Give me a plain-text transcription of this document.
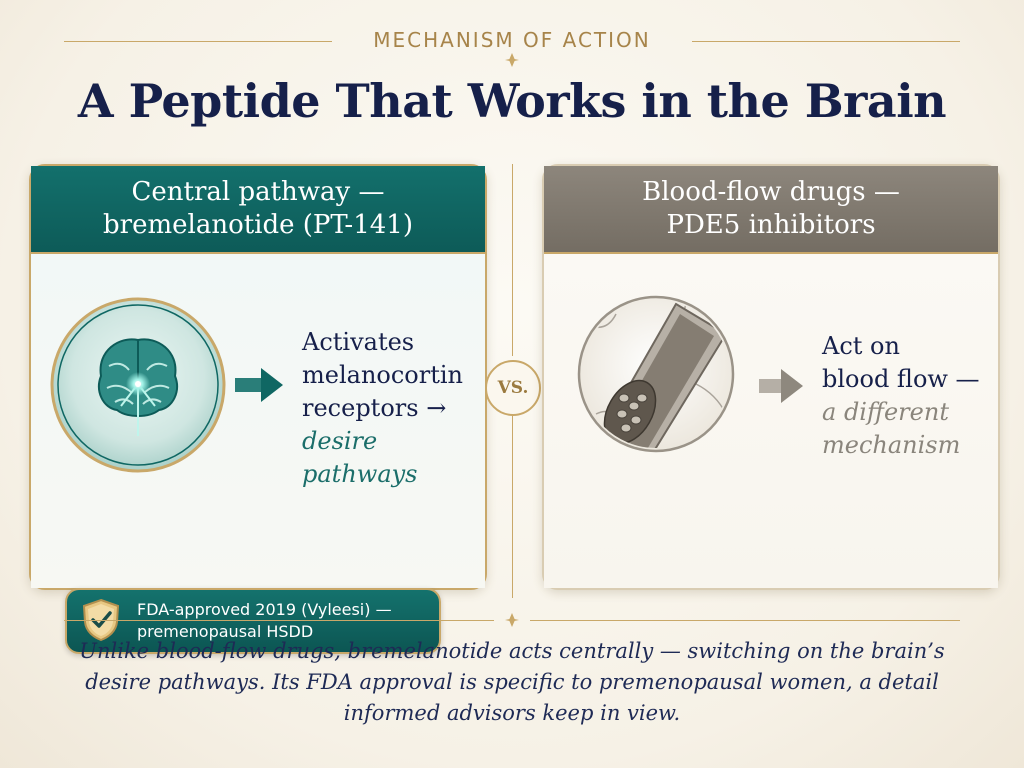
MECHANISM OF ACTION
A Peptide That Works in the Brain
Central pathway —
bremelanotide (PT-141)
Activates
melanocortin
receptors →
desire pathways
FDA-approved 2019 (Vyleesi) —
premenopausal HSDD
VS.
Blood-flow drugs —
PDE5 inhibitors
Act on
blood flow —
a different
mechanism
Unlike blood-flow drugs, bremelanotide acts centrally — switching on the brain’s
desire pathways. Its FDA approval is specific to premenopausal women, a detail
informed advisors keep in view.
